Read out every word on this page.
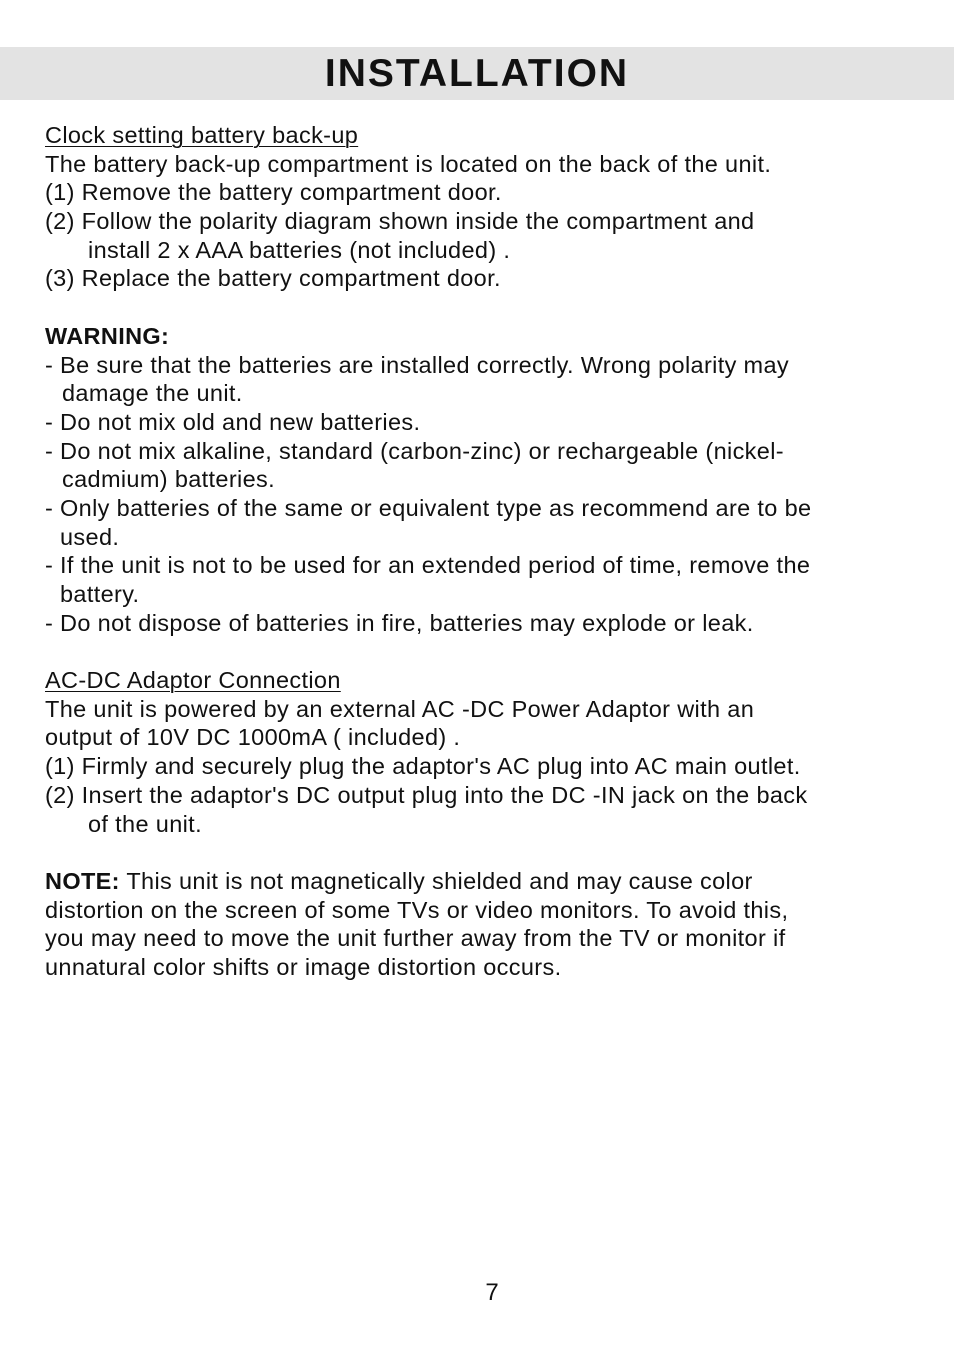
INSTALLATION
Clock setting battery back-up
The battery back-up compartment is located on the back of the unit.
(1) Remove the battery compartment door.
(2) Follow the polarity diagram shown inside the compartment and
install 2 x AAA batteries (not included) .
(3) Replace the battery compartment door.
WARNING:
- Be sure that the batteries are installed correctly. Wrong polarity may
damage the unit.
- Do not mix old and new batteries.
- Do not mix alkaline, standard (carbon-zinc) or rechargeable (nickel-
cadmium) batteries.
- Only batteries of the same or equivalent type as recommend are to be
used.
- If the unit is not to be used for an extended period of time, remove the
battery.
- Do not dispose of batteries in fire, batteries may explode or leak.
AC-DC Adaptor Connection
The unit is powered by an external AC -DC Power Adaptor with an
output of 10V DC 1000mA ( included) .
(1) Firmly and securely plug the adaptor's AC plug into AC main outlet.
(2) Insert the adaptor's DC output plug into the DC -IN jack on the back
of the unit.
NOTE: This unit is not magnetically shielded and may cause color
distortion on the screen of some TVs or video monitors. To avoid this,
you may need to move the unit further away from the TV or monitor if
unnatural color shifts or image distortion occurs.
7
